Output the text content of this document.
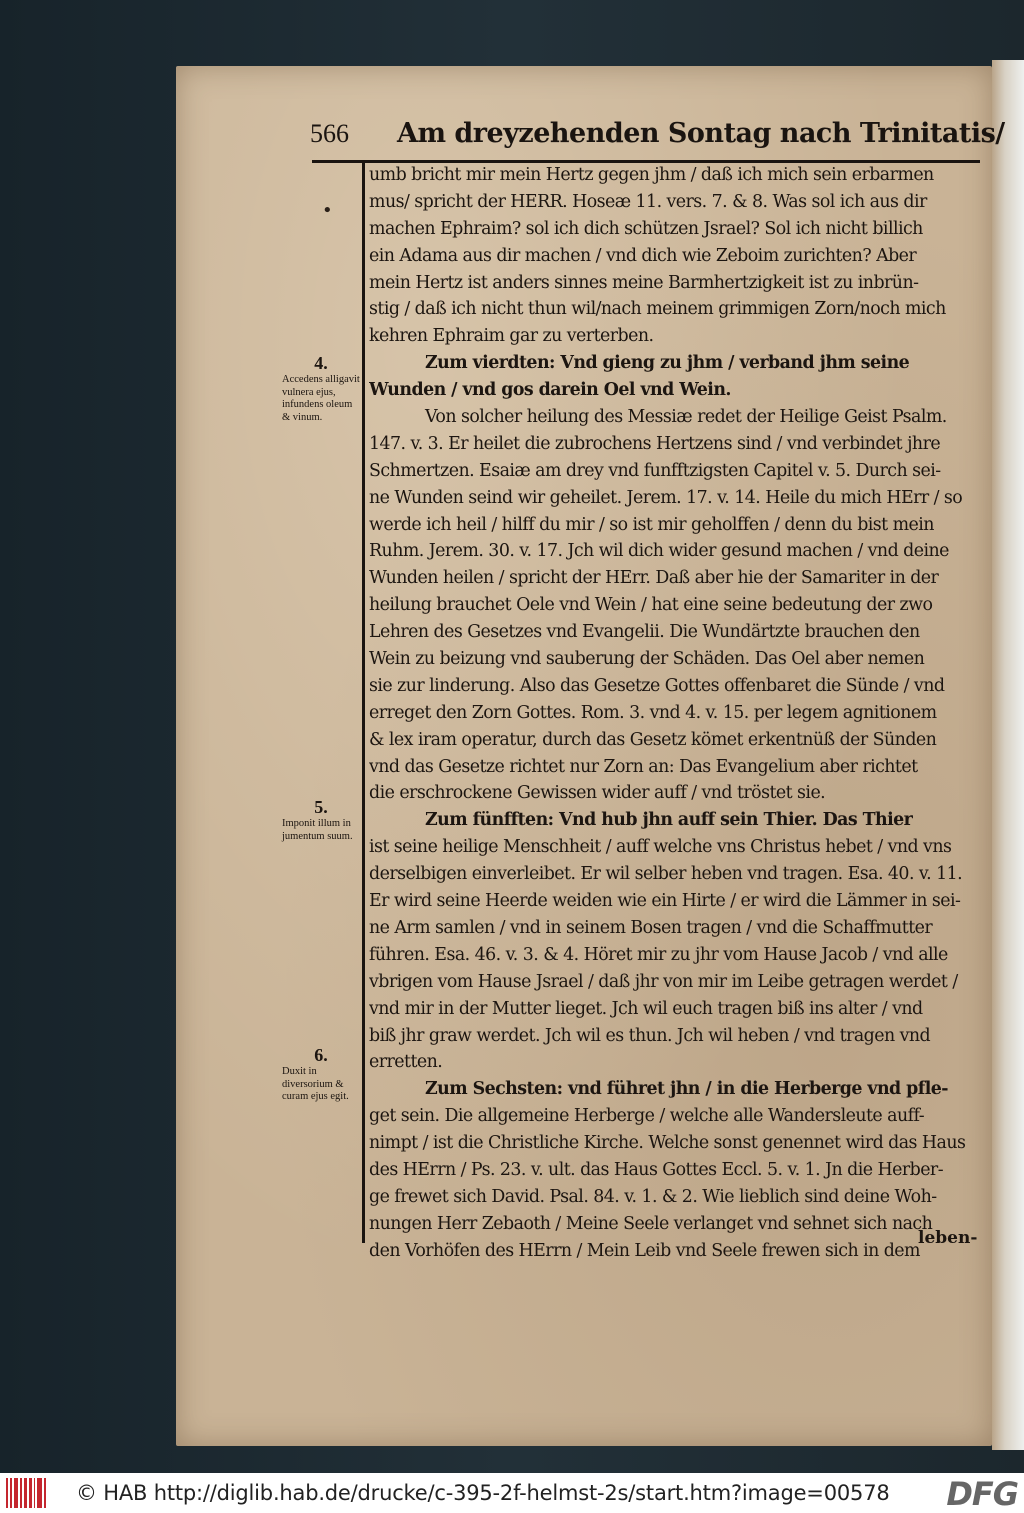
566 Am dreyzehenden Sontag nach Trinitatis/
•
4.
Accedens alligavit vulnera ejus, infundens oleum & vinum.
5.
Imponit illum in jumentum suum.
6.
Duxit in diversorium & curam ejus egit.
umb bricht mir mein Hertz gegen jhm / daß ich mich sein erbarmen
mus/ spricht der HERR. Hoseæ 11. vers. 7. & 8. Was sol ich aus dir
machen Ephraim? sol ich dich schützen Jsrael? Sol ich nicht billich
ein Adama aus dir machen / vnd dich wie Zeboim zurichten? Aber
mein Hertz ist anders sinnes meine Barmhertzigkeit ist zu inbrün-
stig / daß ich nicht thun wil/nach meinem grimmigen Zorn/noch mich
kehren Ephraim gar zu verterben.
Zum vierdten: Vnd gieng zu jhm / verband jhm seine
Wunden / vnd gos darein Oel vnd Wein.
Von solcher heilung des Messiæ redet der Heilige Geist Psalm.
147. v. 3. Er heilet die zubrochens Hertzens sind / vnd verbindet jhre
Schmertzen. Esaiæ am drey vnd funfftzigsten Capitel v. 5. Durch sei-
ne Wunden seind wir geheilet. Jerem. 17. v. 14. Heile du mich HErr / so
werde ich heil / hilff du mir / so ist mir geholffen / denn du bist mein
Ruhm. Jerem. 30. v. 17. Jch wil dich wider gesund machen / vnd deine
Wunden heilen / spricht der HErr. Daß aber hie der Samariter in der
heilung brauchet Oele vnd Wein / hat eine seine bedeutung der zwo
Lehren des Gesetzes vnd Evangelii. Die Wundärtzte brauchen den
Wein zu beizung vnd sauberung der Schäden. Das Oel aber nemen
sie zur linderung. Also das Gesetze Gottes offenbaret die Sünde / vnd
erreget den Zorn Gottes. Rom. 3. vnd 4. v. 15. per legem agnitionem
& lex iram operatur, durch das Gesetz kömet erkentnüß der Sünden
vnd das Gesetze richtet nur Zorn an: Das Evangelium aber richtet
die erschrockene Gewissen wider auff / vnd tröstet sie.
Zum fünfften: Vnd hub jhn auff sein Thier. Das Thier
ist seine heilige Menschheit / auff welche vns Christus hebet / vnd vns
derselbigen einverleibet. Er wil selber heben vnd tragen. Esa. 40. v. 11.
Er wird seine Heerde weiden wie ein Hirte / er wird die Lämmer in sei-
ne Arm samlen / vnd in seinem Bosen tragen / vnd die Schaffmutter
führen. Esa. 46. v. 3. & 4. Höret mir zu jhr vom Hause Jacob / vnd alle
vbrigen vom Hause Jsrael / daß jhr von mir im Leibe getragen werdet /
vnd mir in der Mutter lieget. Jch wil euch tragen biß ins alter / vnd
biß jhr graw werdet. Jch wil es thun. Jch wil heben / vnd tragen vnd
erretten.
Zum Sechsten: vnd führet jhn / in die Herberge vnd pfle-
get sein. Die allgemeine Herberge / welche alle Wandersleute auff-
nimpt / ist die Christliche Kirche. Welche sonst genennet wird das Haus
des HErrn / Ps. 23. v. ult. das Haus Gottes Eccl. 5. v. 1. Jn die Herber-
ge frewet sich David. Psal. 84. v. 1. & 2. Wie lieblich sind deine Woh-
nungen Herr Zebaoth / Meine Seele verlanget vnd sehnet sich nach
den Vorhöfen des HErrn / Mein Leib vnd Seele frewen sich in dem
leben-
© HAB http://diglib.hab.de/drucke/c-395-2f-helmst-2s/start.htm?image=00578 DFG
